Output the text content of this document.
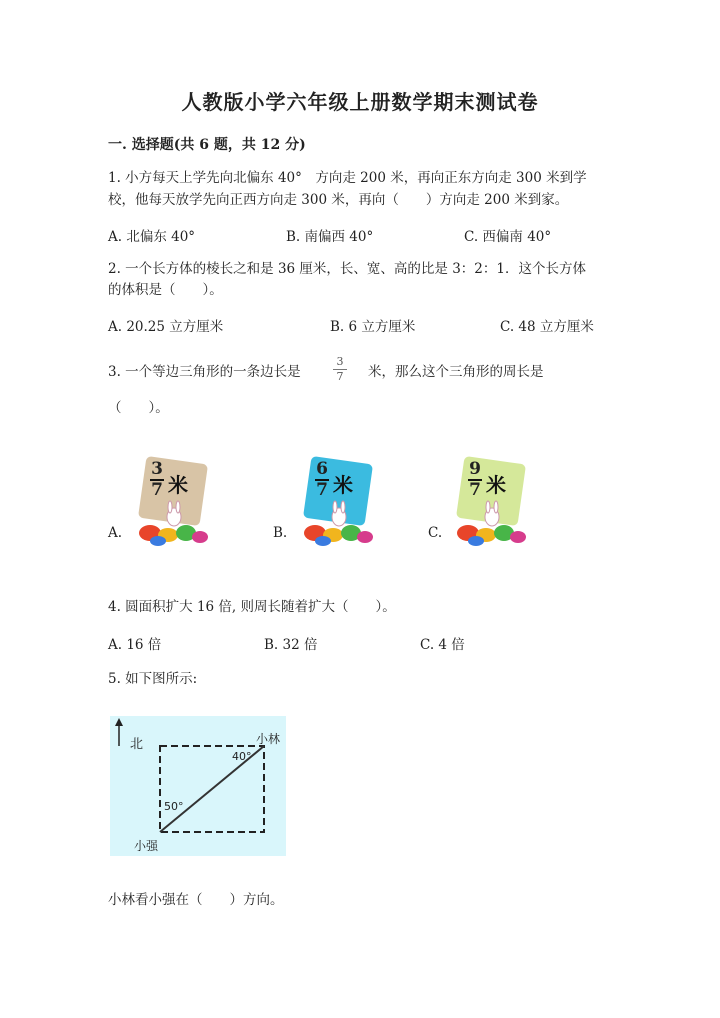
人教版小学六年级上册数学期末测试卷
一. 选择题(共 6 题，共 12 分)
1. 小方每天上学先向北偏东 40°　方向走 200 米，再向正东方向走 300 米到学
校，他每天放学先向正西方向走 300 米，再向（　　）方向走 200 米到家。
A. 北偏东 40°	B. 南偏西 40°	C. 西偏南 40°
2. 一个长方体的棱长之和是 36 厘米，长、宽、高的比是 3：2：1．这个长方体
的体积是（　　）。
A. 20.25 立方厘米	B. 6 立方厘米	C. 48 立方厘米
3. 一个等边三角形的一条边长是
3
7 米，那么这个三角形的周长是
（　　）。
A.
3
7 米
B.
6
7 米
C.
9
7 米
4. 圆面积扩大 16 倍, 则周长随着扩大（　　）。
A. 16 倍	B. 32 倍	C. 4 倍
5. 如下图所示:
北	小林
40°
50°
小强
小林看小强在（　　）方向。
